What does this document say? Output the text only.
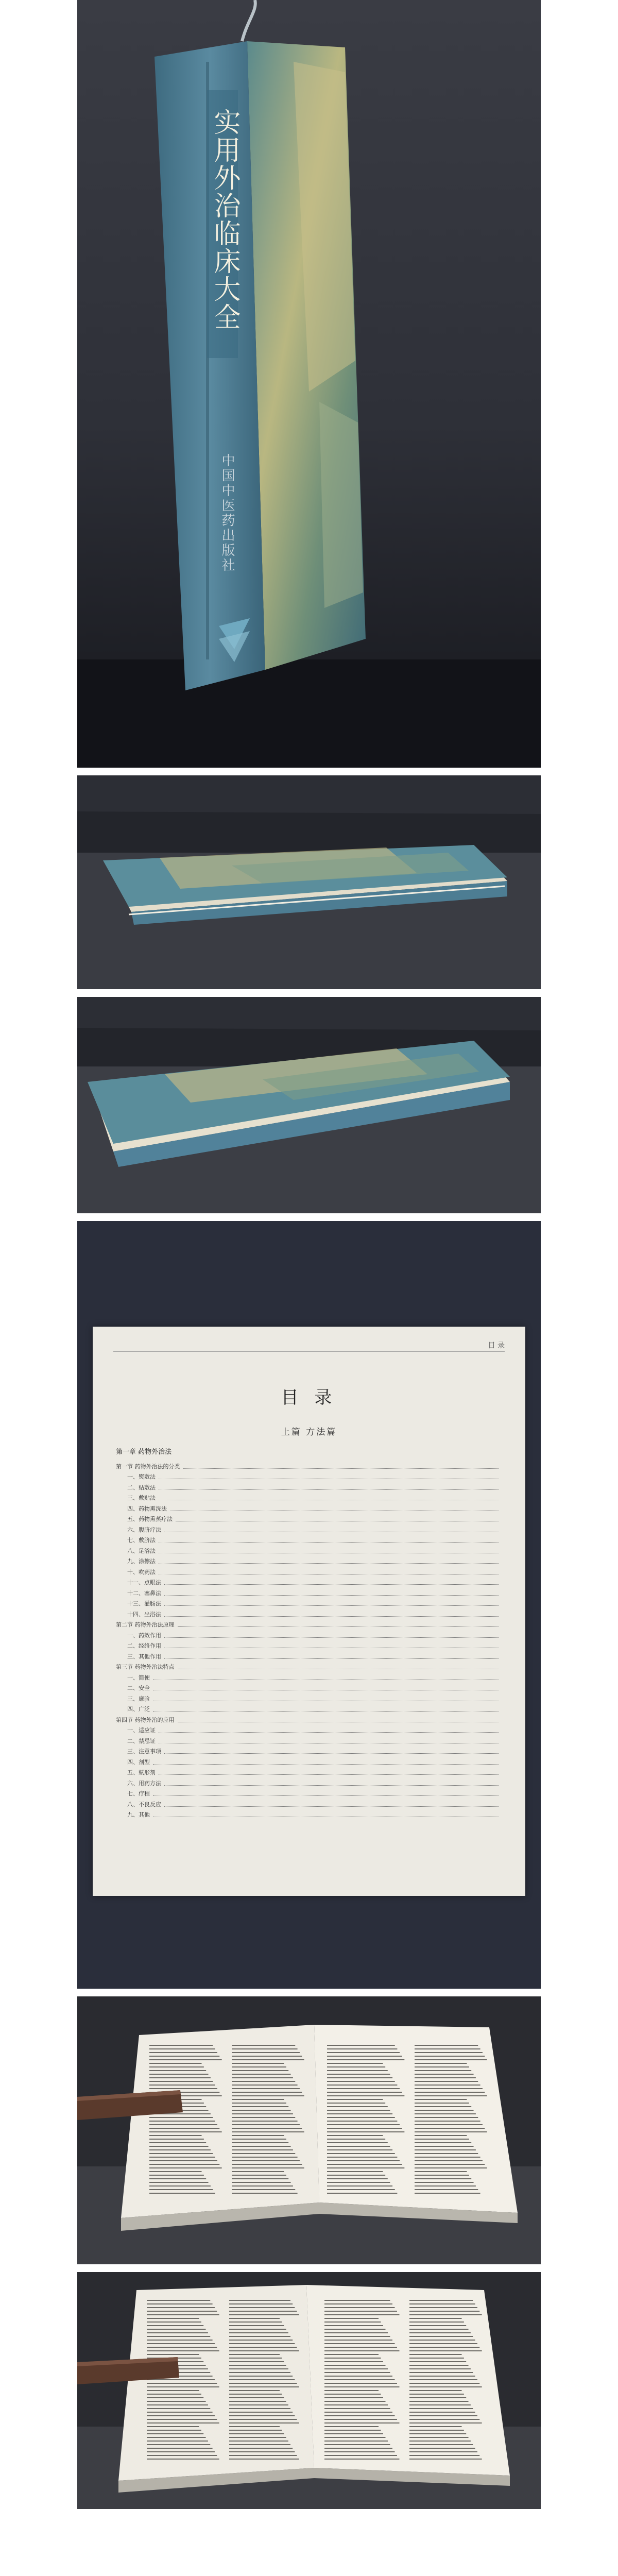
实用外治临床大全
中国中医药出版社
目 录
目 录
上篇 方法篇
第一章 药物外治法
第一节 药物外治法的分类
一、熨敷法
二、贴敷法
三、敷贴法
四、药物熏洗法
五、药物熏蒸疗法
六、腹脐疗法
七、敷脐法
八、足浴法
九、涂擦法
十、吹药法
十一、点眼法
十二、塞鼻法
十三、灌肠法
十四、坐浴法
第二节 药物外治法原理
一、药效作用
二、经络作用
三、其他作用
第三节 药物外治法特点
一、简便
二、安全
三、廉验
四、广泛
第四节 药物外治的应用
一、适应证
二、禁忌证
三、注意事项
四、剂型
五、赋形剂
六、用药方法
七、疗程
八、不良反应
九、其他
